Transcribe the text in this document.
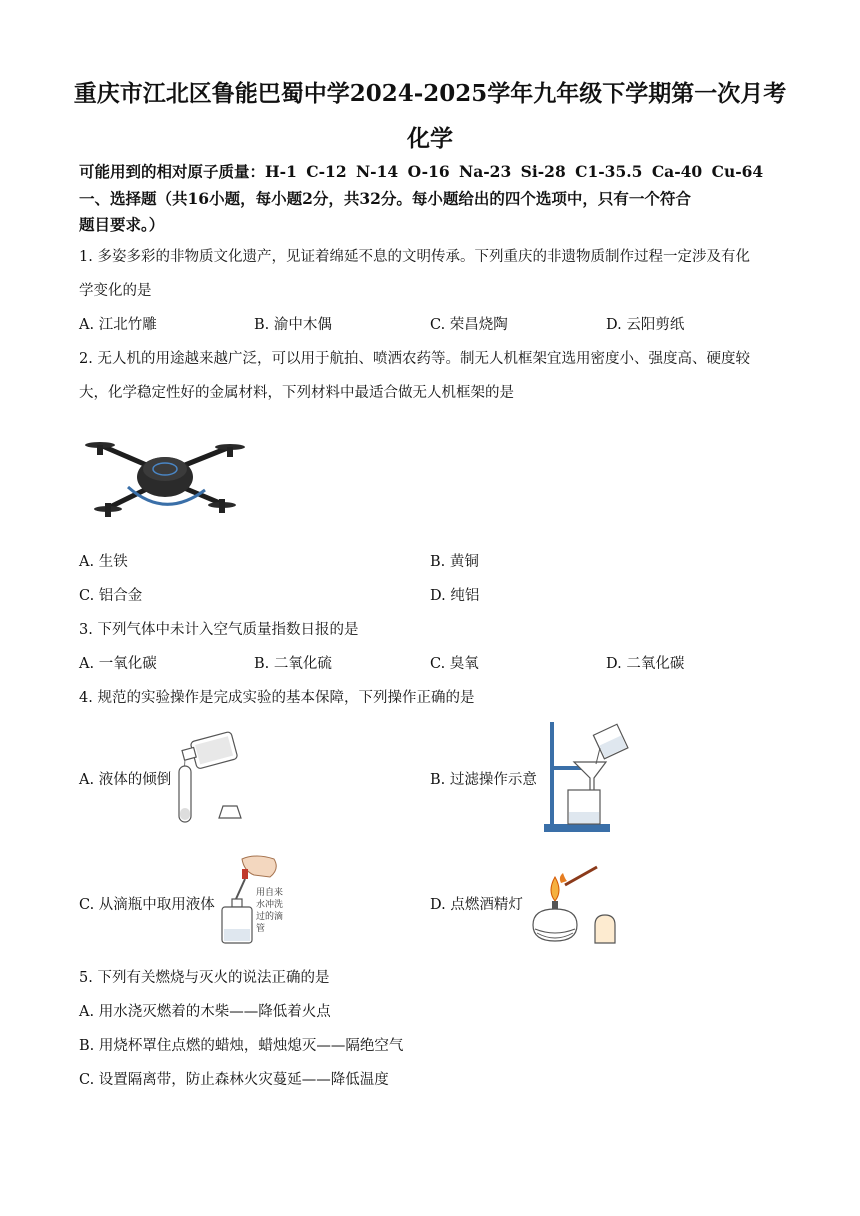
重庆市江北区鲁能巴蜀中学2024-2025学年九年级下学期第一次月考
化学
可能用到的相对原子质量：H-1 C-12 N-14 O-16 Na-23 Si-28 C1-35.5 Ca-40 Cu-64
一、选择题（共16小题，每小题2分，共32分。每小题给出的四个选项中，只有一个符合
题目要求。）
1. 多姿多彩的非物质文化遗产，见证着绵延不息的文明传承。下列重庆的非遗物质制作过程一定涉及有化
学变化的是
A. 江北竹雕	B. 渝中木偶	C. 荣昌烧陶	D. 云阳剪纸
2. 无人机的用途越来越广泛，可以用于航拍、喷洒农药等。制无人机框架宜选用密度小、强度高、硬度较
大，化学稳定性好的金属材料，下列材料中最适合做无人机框架的是
A. 生铁	B. 黄铜
C. 铝合金	D. 纯铝
3. 下列气体中未计入空气质量指数日报的是
A. 一氧化碳	B. 二氧化硫	C. 臭氧	D. 二氧化碳
4. 规范的实验操作是完成实验的基本保障，下列操作正确的是
A. 液体的倾倒	B. 过滤操作示意
C. 从滴瓶中取用液体
用自来
水冲洗
过的滴
管
D. 点燃酒精灯
5. 下列有关燃烧与灭火的说法正确的是
A. 用水浇灭燃着的木柴——降低着火点
B. 用烧杯罩住点燃的蜡烛，蜡烛熄灭——隔绝空气
C. 设置隔离带，防止森林火灾蔓延——降低温度
